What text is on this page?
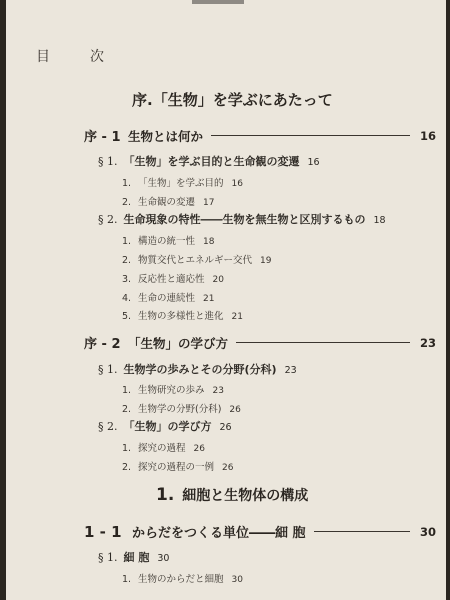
目	次
序.「生物」を学ぶにあたって
序 - 1 生物とは何か	16
§ 1. 「生物」を学ぶ目的と生命観の変遷 16
1. 「生物」を学ぶ目的 16
2. 生命観の変遷 17
§ 2. 生命現象の特性――生物を無生物と区別するもの 18
1. 構造の統一性 18
2. 物質交代とエネルギー交代 19
3. 反応性と適応性 20
4. 生命の連続性 21
5. 生物の多様性と進化 21
序 - 2 「生物」の学び方	23
§ 1. 生物学の歩みとその分野(分科) 23
1. 生物研究の歩み 23
2. 生物学の分野(分科) 26
§ 2. 「生物」の学び方 26
1. 探究の過程 26
2. 探究の過程の一例 26
1. 細胞と生物体の構成
1 - 1 からだをつくる単位――細 胞	30
§ 1. 細 胞 30
1. 生物のからだと細胞 30
